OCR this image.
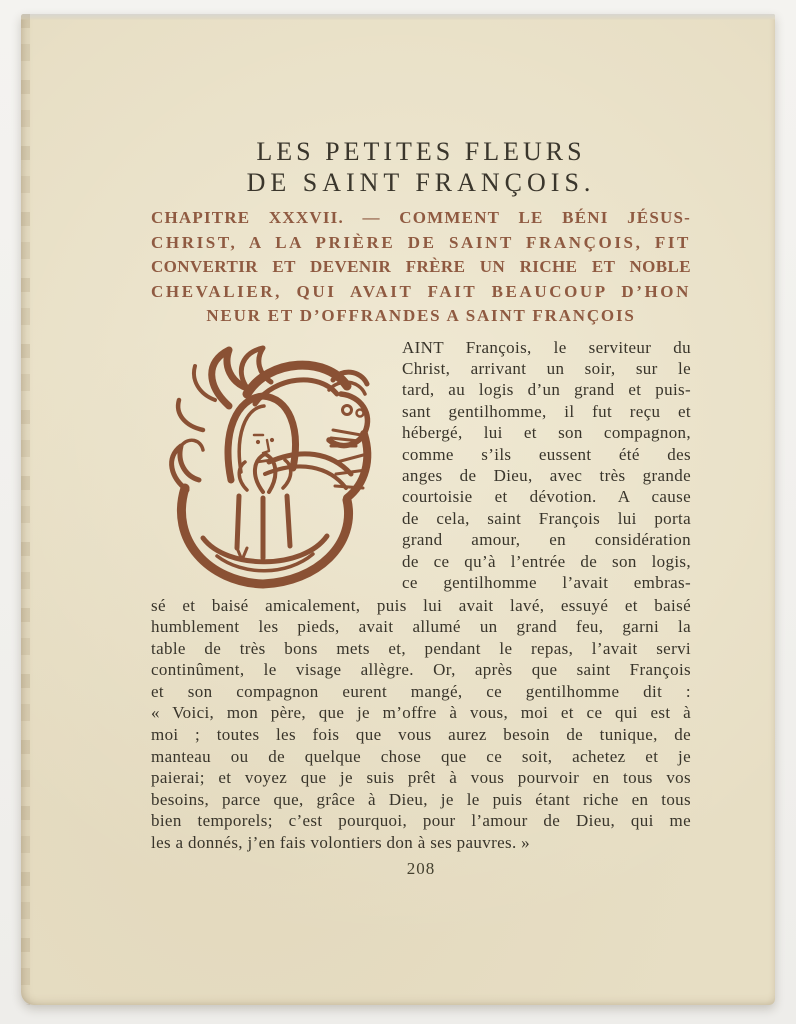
LES PETITES FLEURS
DE SAINT FRANÇOIS.
CHAPITRE XXXVII. — COMMENT LE BÉNI JÉSUS-
CHRIST, A LA PRIÈRE DE SAINT FRANÇOIS, FIT
CONVERTIR ET DEVENIR FRÈRE UN RICHE ET NOBLE
CHEVALIER, QUI AVAIT FAIT BEAUCOUP D’HON
NEUR ET D’OFFRANDES A SAINT FRANÇOIS
AINT François, le serviteur du
Christ, arrivant un soir, sur le
tard, au logis d’un grand et puis-
sant gentilhomme, il fut reçu et
hébergé, lui et son compagnon,
comme s’ils eussent été des
anges de Dieu, avec très grande
courtoisie et dévotion. A cause
de cela, saint François lui porta
grand amour, en considération
de ce qu’à l’entrée de son logis,
ce gentilhomme l’avait embras-
sé et baisé amicalement, puis lui avait lavé, essuyé et baisé
humblement les pieds, avait allumé un grand feu, garni la
table de très bons mets et, pendant le repas, l’avait servi
continûment, le visage allègre. Or, après que saint François
et son compagnon eurent mangé, ce gentilhomme dit :
« Voici, mon père, que je m’offre à vous, moi et ce qui est à
moi ; toutes les fois que vous aurez besoin de tunique, de
manteau ou de quelque chose que ce soit, achetez et je
paierai; et voyez que je suis prêt à vous pourvoir en tous vos
besoins, parce que, grâce à Dieu, je le puis étant riche en tous
bien temporels; c’est pourquoi, pour l’amour de Dieu, qui me
les a donnés, j’en fais volontiers don à ses pauvres. »
208
